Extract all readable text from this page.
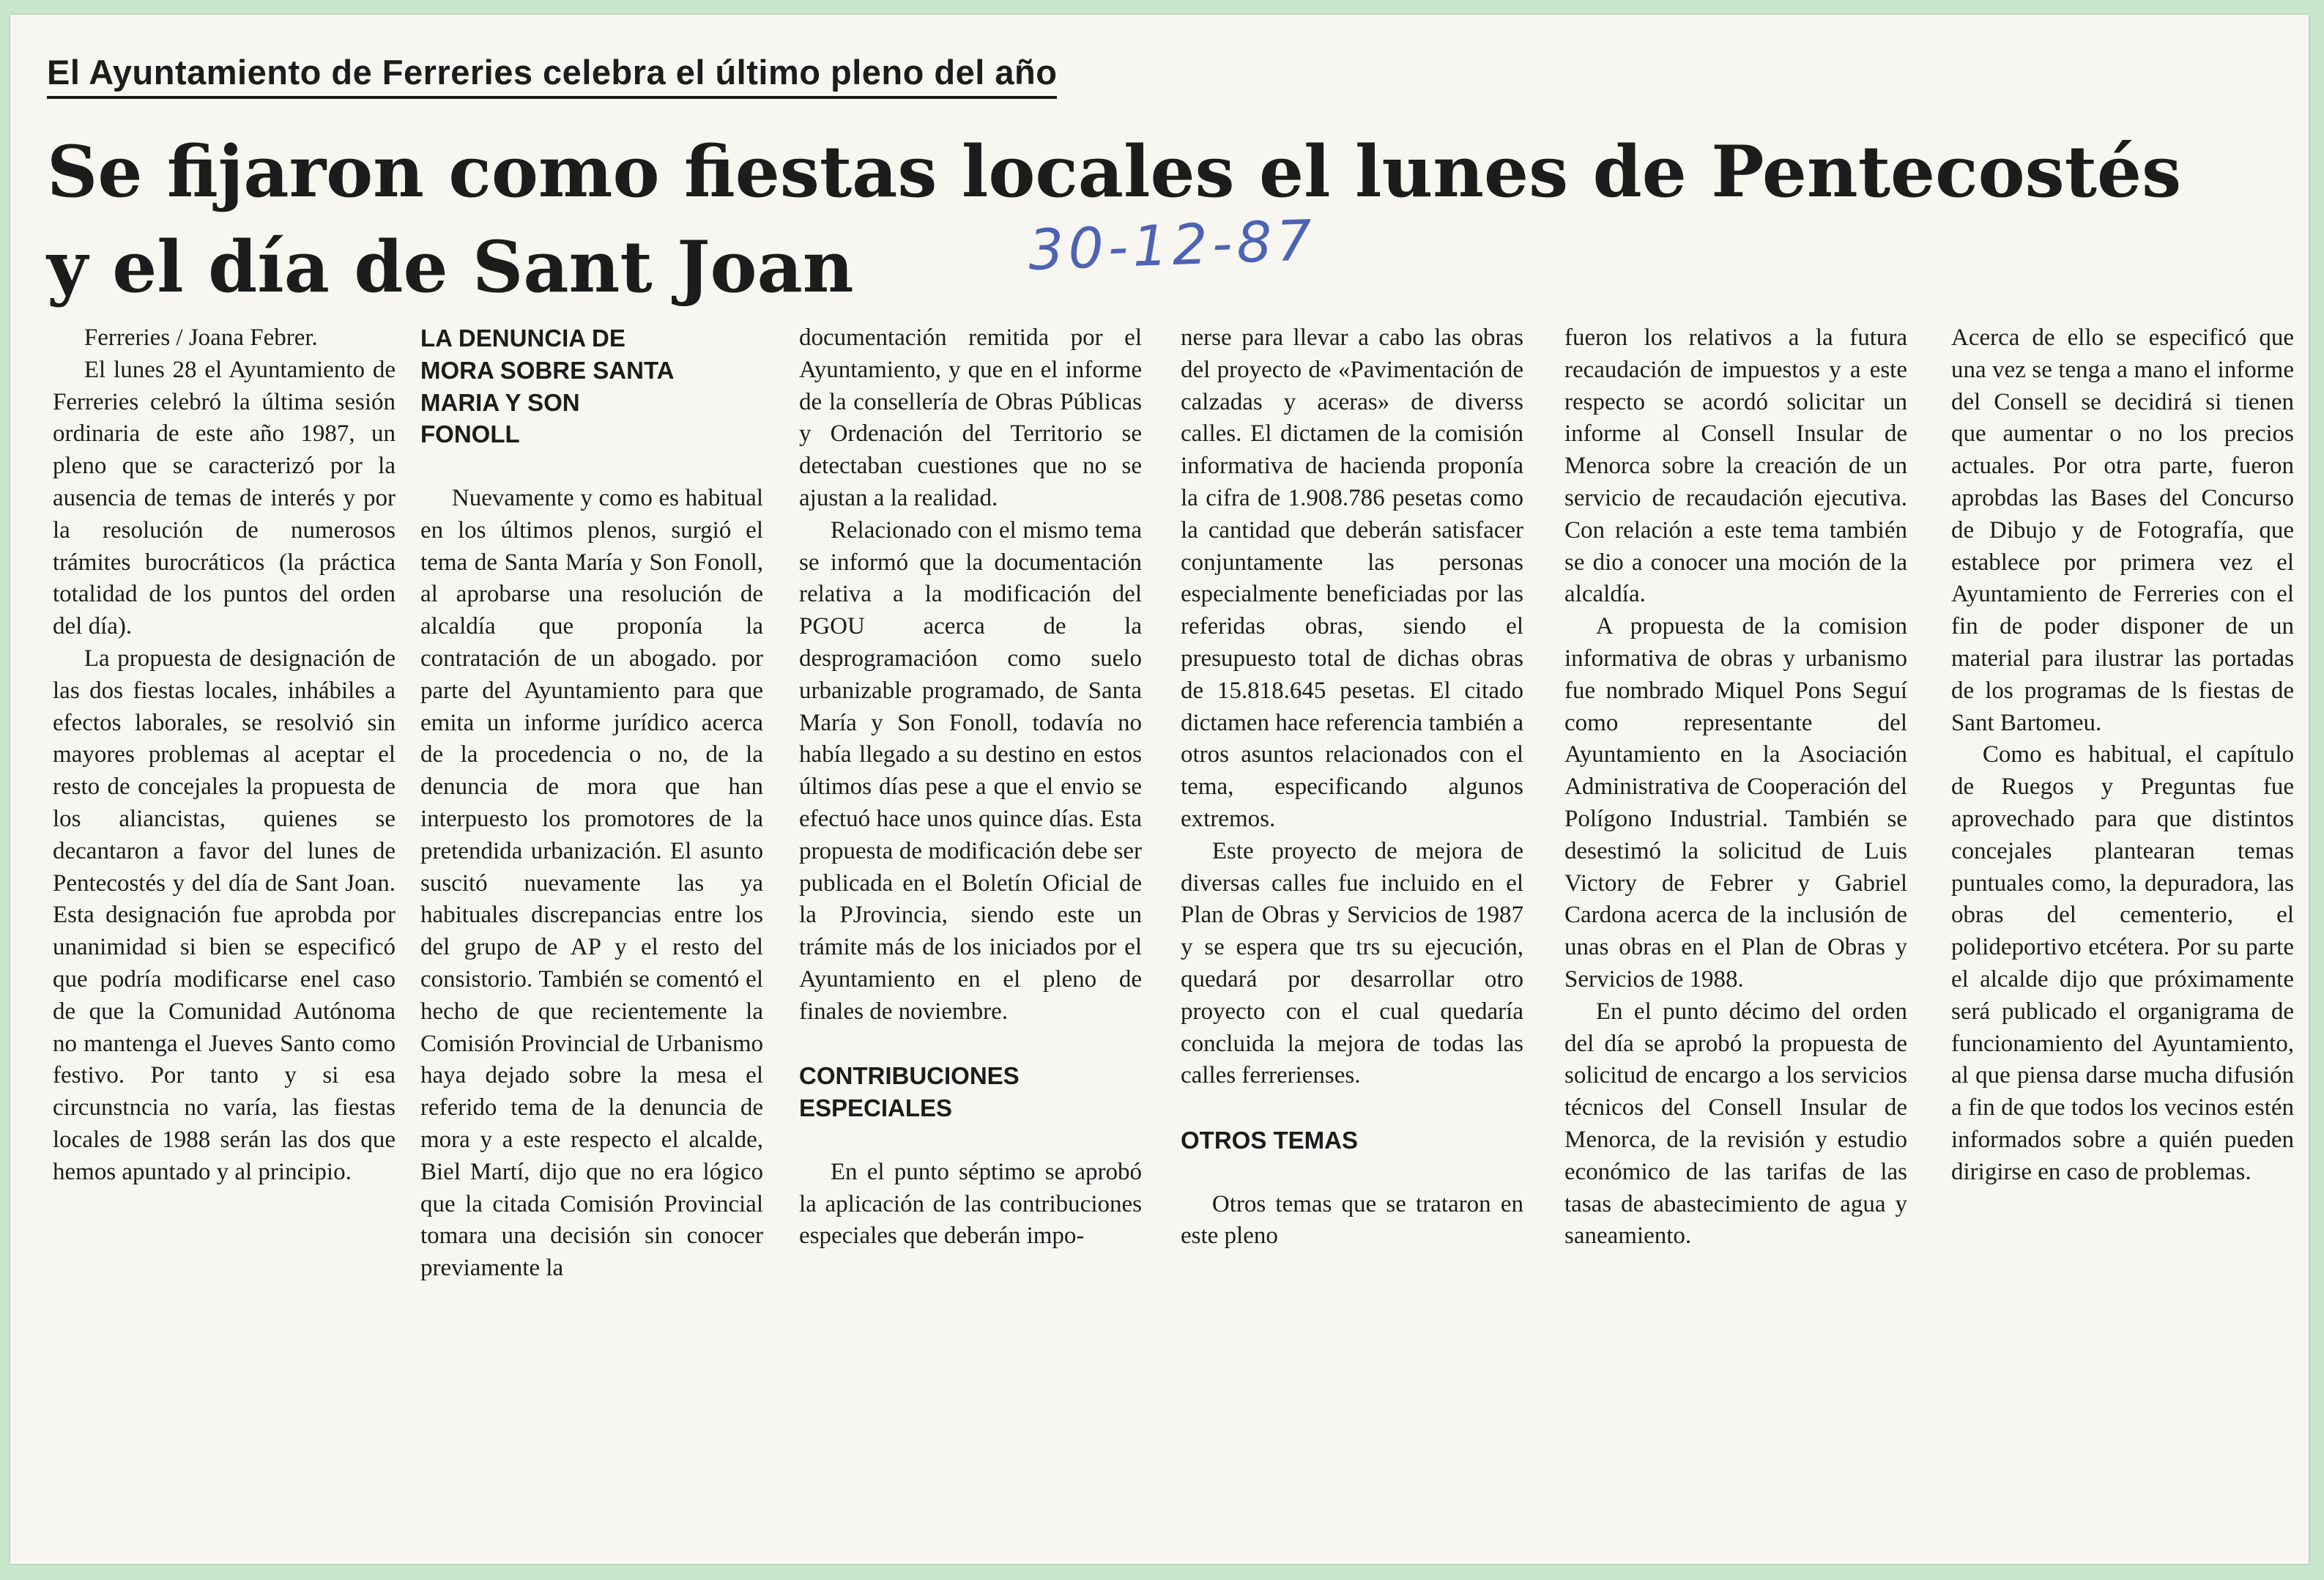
El Ayuntamiento de Ferreries celebra el último pleno del año
Se fijaron como fiestas locales el lunes de Pentecostés
y el día de Sant Joan	30-12-87

Ferreries / Joana Febrer.

El lunes 28 el Ayuntamiento de Ferreries celebró la última sesión ordinaria de este año 1987, un pleno que se caracterizó por la ausencia de temas de interés y por la resolución de numerosos trámites burocráticos (la práctica totalidad de los puntos del orden del día).

La propuesta de designación de las dos fiestas locales, inhábiles a efectos laborales, se resolvió sin mayores problemas al aceptar el resto de concejales la propuesta de los aliancistas, quienes se decantaron a favor del lunes de Pentecostés y del día de Sant Joan. Esta designación fue aprobda por unanimidad si bien se especificó que podría modificarse enel caso de que la Comunidad Autónoma no mantenga el Jueves Santo como festivo. Por tanto y si esa circunstncia no varía, las fiestas locales de 1988 serán las dos que hemos apuntado y al principio.

LA DENUNCIA DE MORA SOBRE SANTA MARIA Y SON FONOLL

Nuevamente y como es habitual en los últimos plenos, surgió el tema de Santa María y Son Fonoll, al aprobarse una resolución de alcaldía que proponía la contratación de un abogado. por parte del Ayuntamiento para que emita un informe jurídico acerca de la procedencia o no, de la denuncia de mora que han interpuesto los promotores de la pretendida urbanización. El asunto suscitó nuevamente las ya habituales discrepancias entre los del grupo de AP y el resto del consistorio. También se comentó el hecho de que recientemente la Comisión Provincial de Urbanismo haya dejado sobre la mesa el referido tema de la denuncia de mora y a este respecto el alcalde, Biel Martí, dijo que no era lógico que la citada Comisión Provincial tomara una decisión sin conocer previamente la

documentación remitida por el Ayuntamiento, y que en el informe de la consellería de Obras Públicas y Ordenación del Territorio se detectaban cuestiones que no se ajustan a la realidad.

Relacionado con el mismo tema se informó que la documentación relativa a la modificación del PGOU acerca de la desprogramacióon como suelo urbanizable programado, de Santa María y Son Fonoll, todavía no había llegado a su destino en estos últimos días pese a que el envio se efectuó hace unos quince días. Esta propuesta de modificación debe ser publicada en el Boletín Oficial de la PJrovincia, siendo este un trámite más de los iniciados por el Ayuntamiento en el pleno de finales de noviembre.

CONTRIBUCIONES ESPECIALES

En el punto séptimo se aprobó la aplicación de las contribuciones especiales que deberán impo-

nerse para llevar a cabo las obras del proyecto de «Pavimentación de calzadas y aceras» de diverss calles. El dictamen de la comisión informativa de hacienda proponía la cifra de 1.908.786 pesetas como la cantidad que deberán satisfacer conjuntamente las personas especialmente beneficiadas por las referidas obras, siendo el presupuesto total de dichas obras de 15.818.645 pesetas. El citado dictamen hace referencia también a otros asuntos relacionados con el tema, especificando algunos extremos.

Este proyecto de mejora de diversas calles fue incluido en el Plan de Obras y Servicios de 1987 y se espera que trs su ejecución, quedará por desarrollar otro proyecto con el cual quedaría concluida la mejora de todas las calles ferrerienses.

OTROS TEMAS

Otros temas que se trataron en este pleno

fueron los relativos a la futura recaudación de impuestos y a este respecto se acordó solicitar un informe al Consell Insular de Menorca sobre la creación de un servicio de recaudación ejecutiva. Con relación a este tema también se dio a conocer una moción de la alcaldía.

A propuesta de la comision informativa de obras y urbanismo fue nombrado Miquel Pons Seguí como representante del Ayuntamiento en la Asociación Administrativa de Cooperación del Polígono Industrial. También se desestimó la solicitud de Luis Victory de Febrer y Gabriel Cardona acerca de la inclusión de unas obras en el Plan de Obras y Servicios de 1988.

En el punto décimo del orden del día se aprobó la propuesta de solicitud de encargo a los servicios técnicos del Consell Insular de Menorca, de la revisión y estudio económico de las tarifas de las tasas de abastecimiento de agua y saneamiento.

Acerca de ello se especificó que una vez se tenga a mano el informe del Consell se decidirá si tienen que aumentar o no los precios actuales. Por otra parte, fueron aprobdas las Bases del Concurso de Dibujo y de Fotografía, que establece por primera vez el Ayuntamiento de Ferreries con el fin de poder disponer de un material para ilustrar las portadas de los programas de ls fiestas de Sant Bartomeu.

Como es habitual, el capítulo de Ruegos y Preguntas fue aprovechado para que distintos concejales plantearan temas puntuales como, la depuradora, las obras del cementerio, el polideportivo etcétera. Por su parte el alcalde dijo que próximamente será publicado el organigrama de funcionamiento del Ayuntamiento, al que piensa darse mucha difusión a fin de que todos los vecinos estén informados sobre a quién pueden dirigirse en caso de problemas.
